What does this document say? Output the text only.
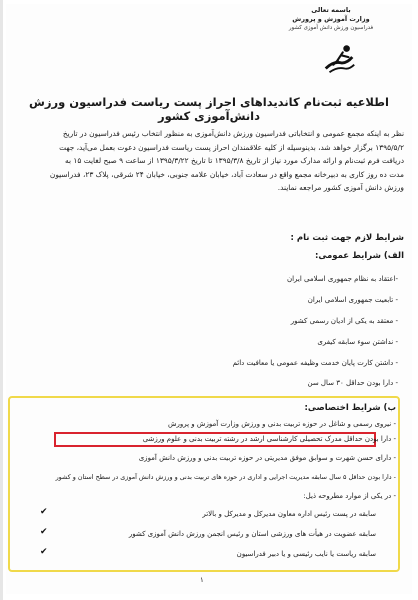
باسمه تعالی
وزارت آموزش و پرورش
فدراسیون ورزش دانش آموزی کشور
اطلاعیه ثبت‌نام کاندیداهای احراز پست ریاست فدراسیون ورزش دانش‌آموزی کشور
نظر به اینکه مجمع عمومی و انتخاباتی فدراسیون ورزش دانش‌آموزی به منظور انتخاب رئیس فدراسیون در تاریخ
۱۳۹۵/۵/۲ برگزار خواهد شد، بدینوسیله از کلیه علاقمندان احراز پست ریاست فدراسیون دعوت بعمل می‌آید، جهت
دریافت فرم ثبت‌نام و ارائه مدارک مورد نیاز از تاریخ ۱۳۹۵/۳/۸ تا تاریخ ۱۳۹۵/۳/۲۲ از ساعت ۹ صبح لغایت ۱۵ به
مدت ده روز کاری به دبیرخانه مجمع واقع در سعادت آباد، خیابان علامه جنوبی، خیابان ۲۴ شرقی، پلاک ۲۳، فدراسیون
ورزش دانش آموزی کشور مراجعه نمایند.
شرایط لازم جهت ثبت نام :
الف) شرایط عمومی:
-اعتقاد به نظام جمهوری اسلامی ایران
- تابعیت جمهوری اسلامی ایران
- معتقد به یکی از ادیان رسمی کشور
- نداشتن سوء سابقه کیفری
- داشتن کارت پایان خدمت وظیفه عمومی یا معافیت دائم
- دارا بودن حداقل ۳۰ سال سن
ب) شرایط اختصاصی:
- نیروی رسمی و شاغل در حوزه تربیت بدنی و ورزش وزارت آموزش و پرورش
- دارا بودن حداقل مدرک تحصیلی کارشناسی ارشد در رشته تربیت بدنی و علوم ورزشی
- دارای حسن شهرت و سوابق موفق مدیریتی در حوزه تربیت بدنی و ورزش دانش آموزی
- دارا بودن حداقل ۵ سال سابقه مدیریت اجرایی و اداری در حوزه های تربیت بدنی و ورزش دانش آموزی در سطح استان و کشور
- در یکی از موارد مطروحه ذیل:
✔	سابقه در پست رئیس اداره معاون مدیرکل و مدیرکل و بالاتر
✔	سابقه عضویت در هیأت های ورزشی استان و رئیس انجمن ورزش دانش آموزی کشور
✔	سابقه ریاست یا نایب رئیسی و یا دبیر فدراسیون
۱
